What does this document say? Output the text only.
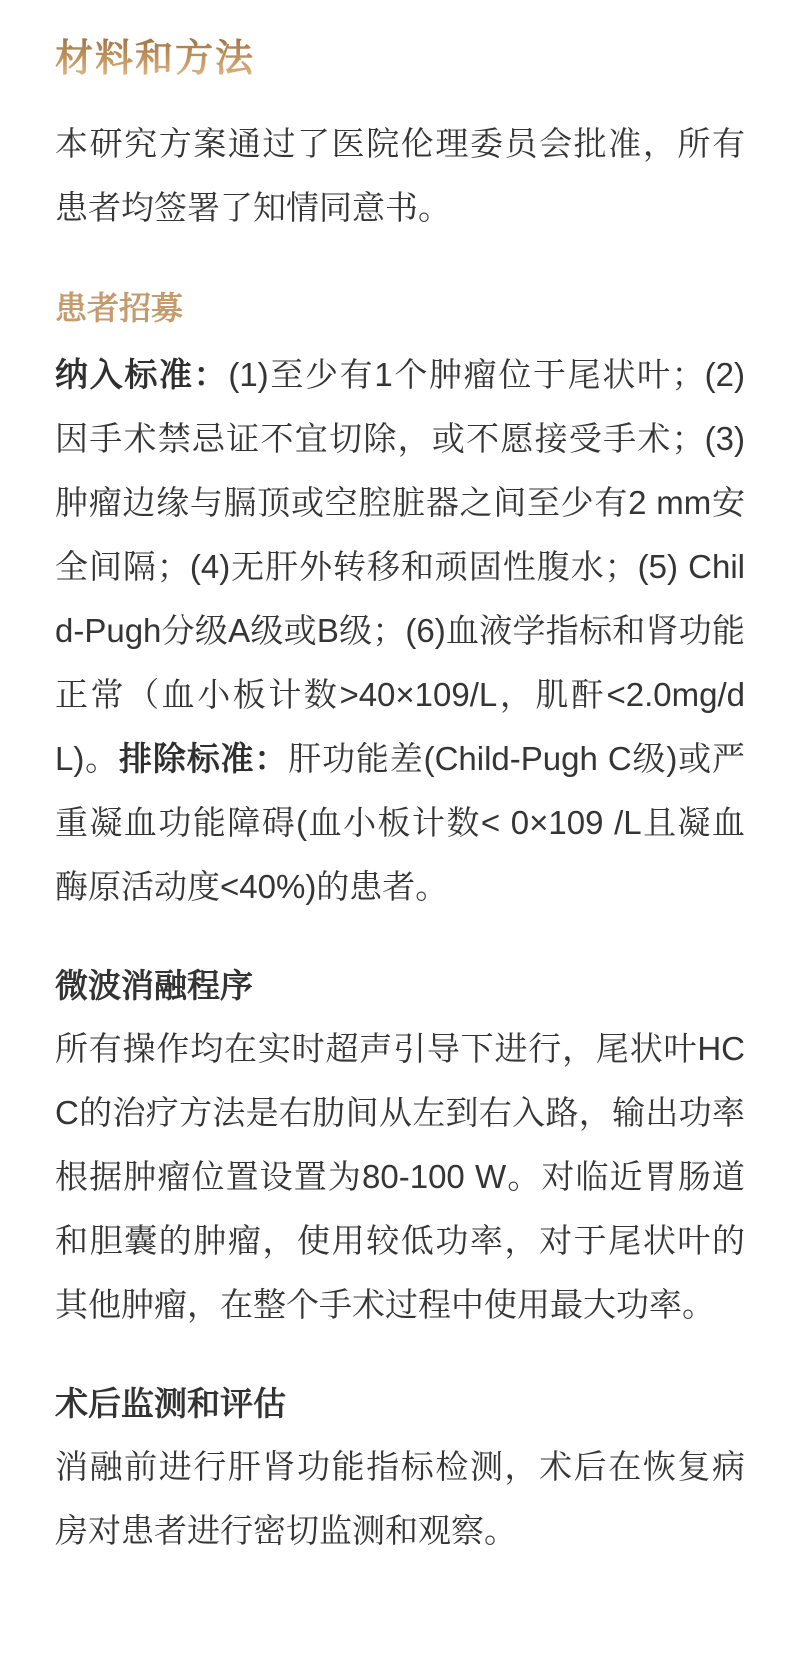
材料和方法

本研究方案通过了医院伦理委员会批准，所有患者均签署了知情同意书。

患者招募

纳入标准：(1)至少有1个肿瘤位于尾状叶；(2)因手术禁忌证不宜切除，或不愿接受手术；(3)肿瘤边缘与膈顶或空腔脏器之间至少有2 mm安全间隔；(4)无肝外转移和顽固性腹水；(5) Child-Pugh分级A级或B级；(6)血液学指标和肾功能正常（血小板计数>40×109/L，肌酐<2.0mg/dL)。排除标准：肝功能差(Child-Pugh C级)或严重凝血功能障碍(血小板计数< 0×109 /L且凝血酶原活动度<40%)的患者。

微波消融程序

所有操作均在实时超声引导下进行，尾状叶HCC的治疗方法是右肋间从左到右入路，输出功率根据肿瘤位置设置为80-100 W。对临近胃肠道和胆囊的肿瘤，使用较低功率，对于尾状叶的其他肿瘤，在整个手术过程中使用最大功率。

术后监测和评估

消融前进行肝肾功能指标检测，术后在恢复病房对患者进行密切监测和观察。
